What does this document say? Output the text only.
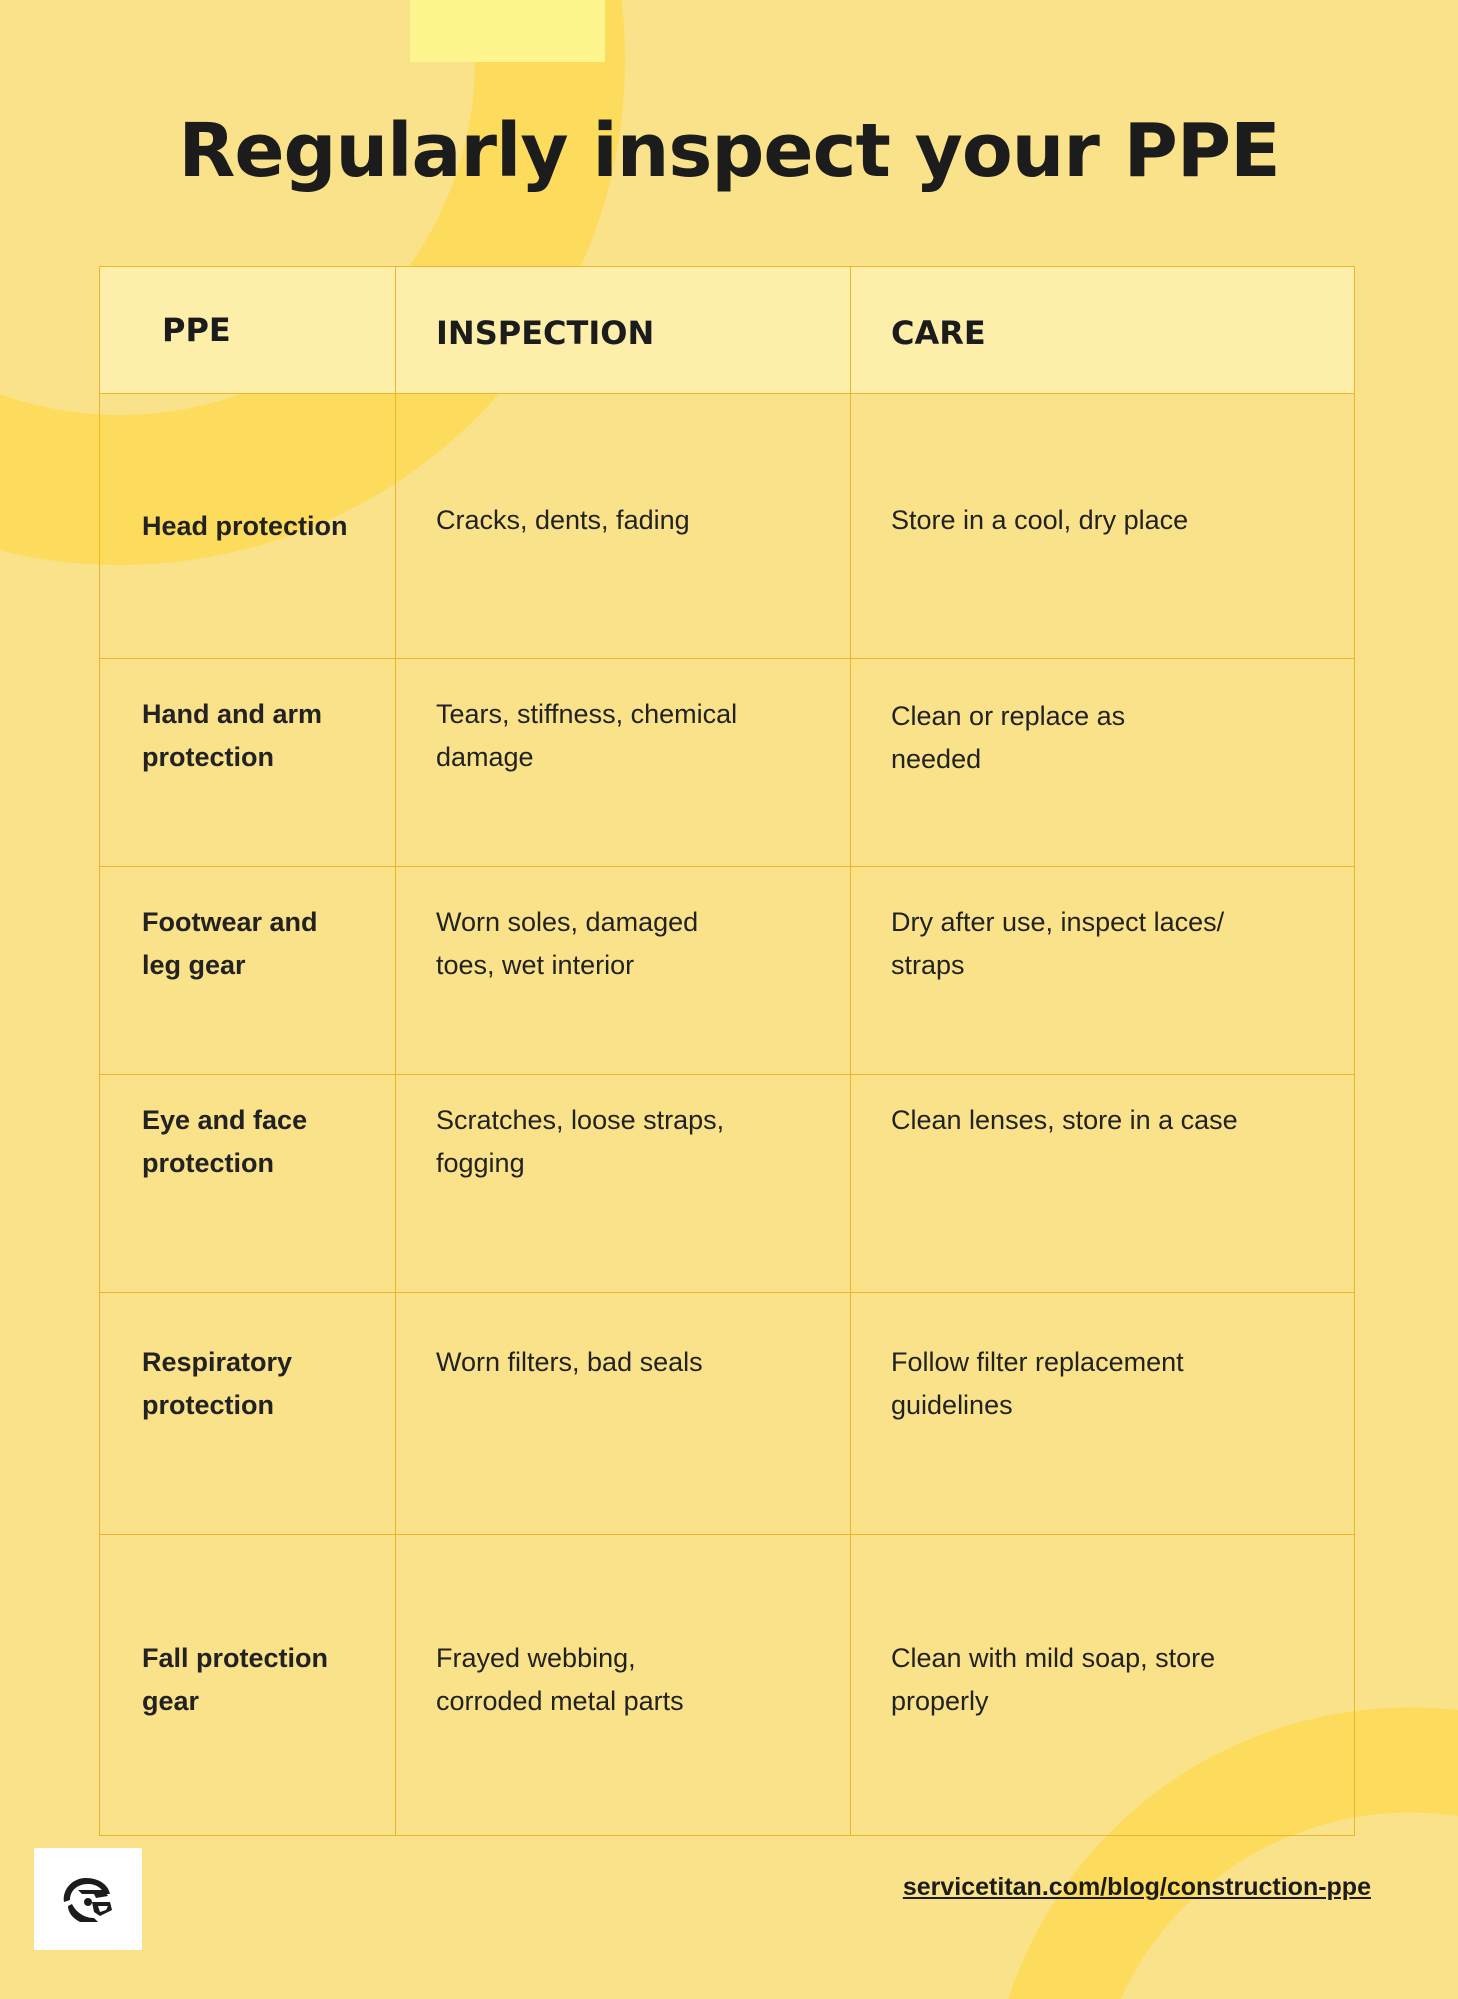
Regularly inspect your PPE
PPE	INSPECTION	CARE

Head protection	Cracks, dents, fading	Store in a cool, dry place

Hand and arm protection	Tears, stiffness, chemical damage	Clean or replace as needed

Footwear and leg gear	Worn soles, damaged toes, wet interior	Dry after use, inspect laces/ straps

Eye and face protection	Scratches, loose straps, fogging	Clean lenses, store in a case

Respiratory protection	Worn filters, bad seals	Follow filter replacement guidelines

Fall protection gear	Frayed webbing, corroded metal parts	Clean with mild soap, store properly
servicetitan.com/blog/construction-ppe
